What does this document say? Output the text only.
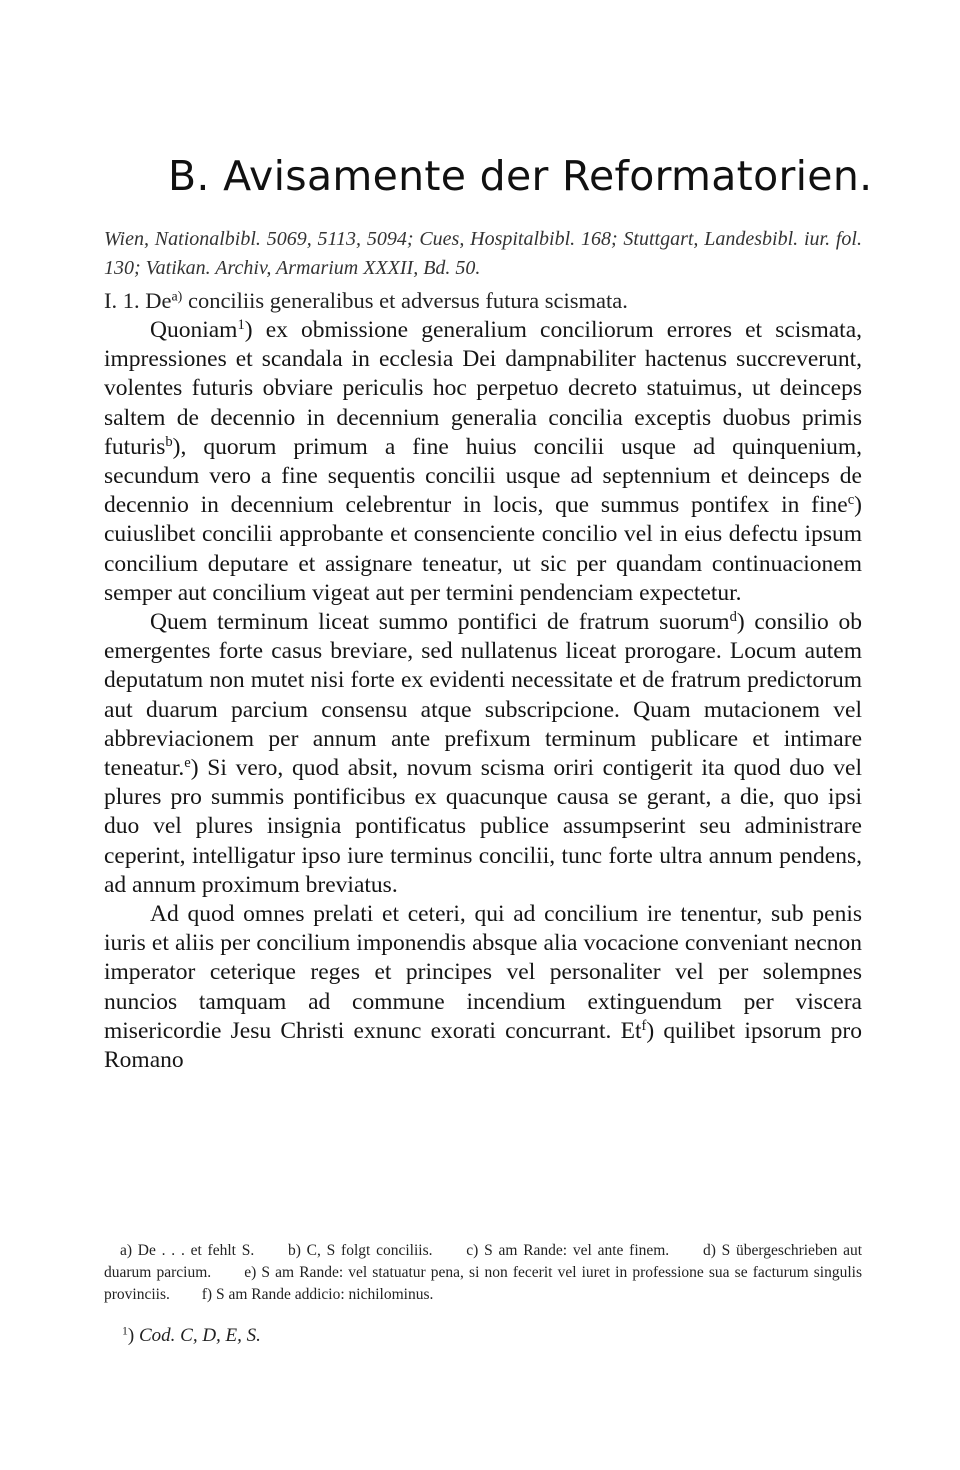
B. Avisamente der Reformatorien.
Wien, Nationalbibl. 5069, 5113, 5094; Cues, Hospitalbibl. 168; Stuttgart, Landesbibl. iur. fol. 130; Vatikan. Archiv, Armarium XXXII, Bd. 50.
I. 1. De$^{a)}$ conciliis generalibus et adversus futura scismata.

Quoniam$^1$) ex obmissione generalium conciliorum errores et scismata, impressiones et scandala in ecclesia Dei dampnabiliter hactenus succreverunt, volentes futuris obviare periculis hoc perpetuo decreto statuimus, ut deinceps saltem de decennio in decennium generalia concilia exceptis duobus primis futuris$^b$), quorum primum a fine huius concilii usque ad quinquenium, secundum vero a fine sequentis concilii usque ad septennium et deinceps de decennio in decennium celebrentur in locis, que summus pontifex in fine$^c$) cuiuslibet concilii approbante et consenciente concilio vel in eius defectu ipsum concilium deputare et assignare teneatur, ut sic per quandam continuacionem semper aut concilium vigeat aut per termini pendenciam expectetur.

Quem terminum liceat summo pontifici de fratrum suorum$^d$) consilio ob emergentes forte casus breviare, sed nullatenus liceat prorogare. Locum autem deputatum non mutet nisi forte ex evidenti necessitate et de fratrum predictorum aut duarum parcium consensu atque subscripcione. Quam mutacionem vel abbreviacionem per annum ante prefixum terminum publicare et intimare teneatur.$^e$) Si vero, quod absit, novum scisma oriri contigerit ita quod duo vel plures pro summis pontificibus ex quacunque causa se gerant, a die, quo ipsi duo vel plures insignia pontificatus publice assumpserint seu administrare ceperint, intelligatur ipso iure terminus concilii, tunc forte ultra annum pendens, ad annum proximum breviatus.

Ad quod omnes prelati et ceteri, qui ad concilium ire tenentur, sub penis iuris et aliis per concilium imponendis absque alia vocacione conveniant necnon imperator ceterique reges et principes vel personaliter vel per solempnes nuncios tamquam ad commune incendium extinguendum per viscera misericordie Jesu Christi exnunc exorati concurrant. Et$^f$) quilibet ipsorum pro Romano

a) De . . . et fehlt S. b) C, S folgt conciliis. c) S am Rande: vel ante finem. d) S übergeschrieben aut duarum parcium. e) S am Rande: vel statuatur pena, si non fecerit vel iuret in professione sua se facturum singulis provinciis. f) S am Rande addicio: nichilominus.
$^1$) Cod. C, D, E, S.
